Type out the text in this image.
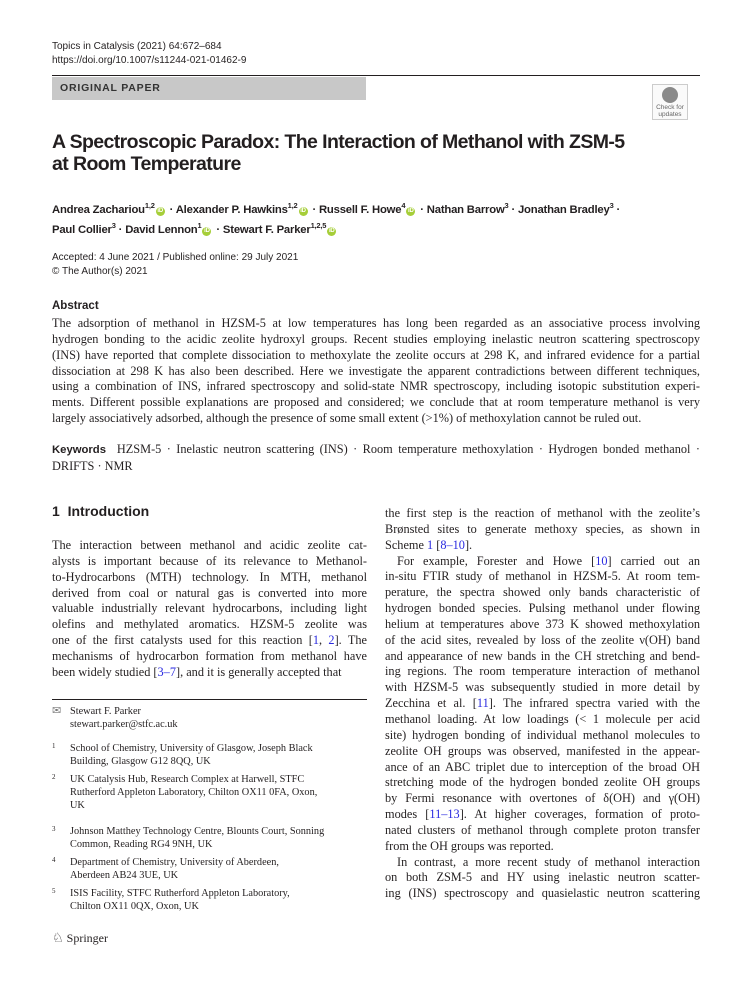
Topics in Catalysis (2021) 64:672–684
https://doi.org/10.1007/s11244-021-01462-9
ORIGINAL PAPER
Check for
updates
A Spectroscopic Paradox: The Interaction of Methanol with ZSM-5
at Room Temperature
Andrea Zachariou$^{1,2}$iD · Alexander P. Hawkins$^{1,2}$iD · Russell F. Howe$^4$iD · Nathan Barrow$^3$ · Jonathan Bradley$^3$ ·
Paul Collier$^3$ · David Lennon$^1$iD · Stewart F. Parker$^{1,2,5}$iD
Accepted: 4 June 2021 / Published online: 29 July 2021
© The Author(s) 2021
Abstract
The adsorption of methanol in HZSM-5 at low temperatures has long been regarded as an associative process involving
hydrogen bonding to the acidic zeolite hydroxyl groups. Recent studies employing inelastic neutron scattering spectroscopy
(INS) have reported that complete dissociation to methoxylate the zeolite occurs at 298 K, and infrared evidence for a partial
dissociation at 298 K has also been described. Here we investigate the apparent contradictions between different techniques,
using a combination of INS, infrared spectroscopy and solid-state NMR spectroscopy, including isotopic substitution experi-
ments. Different possible explanations are proposed and considered; we conclude that at room temperature methanol is very
largely associatively adsorbed, although the presence of some small extent (>1%) of methoxylation cannot be ruled out.
Keywords HZSM-5 · Inelastic neutron scattering (INS) · Room temperature methoxylation · Hydrogen bonded methanol ·
DRIFTS · NMR
1 Introduction
The interaction between methanol and acidic zeolite cat-
alysts is important because of its relevance to Methanol-
to-Hydrocarbons (MTH) technology. In MTH, methanol
derived from coal or natural gas is converted into more
valuable industrially relevant hydrocarbons, including light
olefins and methylated aromatics. HZSM-5 zeolite was
one of the first catalysts used for this reaction [1, 2]. The
mechanisms of hydrocarbon formation from methanol have
been widely studied [3–7], and it is generally accepted that
the first step is the reaction of methanol with the zeolite’s
Brønsted sites to generate methoxy species, as shown in
Scheme 1 [8–10].
For example, Forester and Howe [10] carried out an
in-situ FTIR study of methanol in HZSM-5. At room tem-
perature, the spectra showed only bands characteristic of
hydrogen bonded species. Pulsing methanol under flowing
helium at temperatures above 373 K showed methoxylation
of the acid sites, revealed by loss of the zeolite ν(OH) band
and appearance of new bands in the CH stretching and bend-
ing regions. The room temperature interaction of methanol
with HZSM-5 was subsequently studied in more detail by
Zecchina et al. [11]. The infrared spectra varied with the
methanol loading. At low loadings (< 1 molecule per acid
site) hydrogen bonding of individual methanol molecules to
zeolite OH groups was observed, manifested in the appear-
ance of an ABC triplet due to interception of the broad OH
stretching mode of the hydrogen bonded zeolite OH groups
by Fermi resonance with overtones of δ(OH) and γ(OH)
modes [11–13]. At higher coverages, formation of proto-
nated clusters of methanol through complete proton transfer
from the OH groups was reported.
In contrast, a more recent study of methanol interaction
on both ZSM-5 and HY using inelastic neutron scatter-
ing (INS) spectroscopy and quasielastic neutron scattering
✉ Stewart F. Parker
stewart.parker@stfc.ac.uk
1 School of Chemistry, University of Glasgow, Joseph Black
Building, Glasgow G12 8QQ, UK
2 UK Catalysis Hub, Research Complex at Harwell, STFC
Rutherford Appleton Laboratory, Chilton OX11 0FA, Oxon,
UK
3 Johnson Matthey Technology Centre, Blounts Court, Sonning
Common, Reading RG4 9NH, UK
4 Department of Chemistry, University of Aberdeen,
Aberdeen AB24 3UE, UK
5 ISIS Facility, STFC Rutherford Appleton Laboratory,
Chilton OX11 0QX, Oxon, UK
♘ Springer
